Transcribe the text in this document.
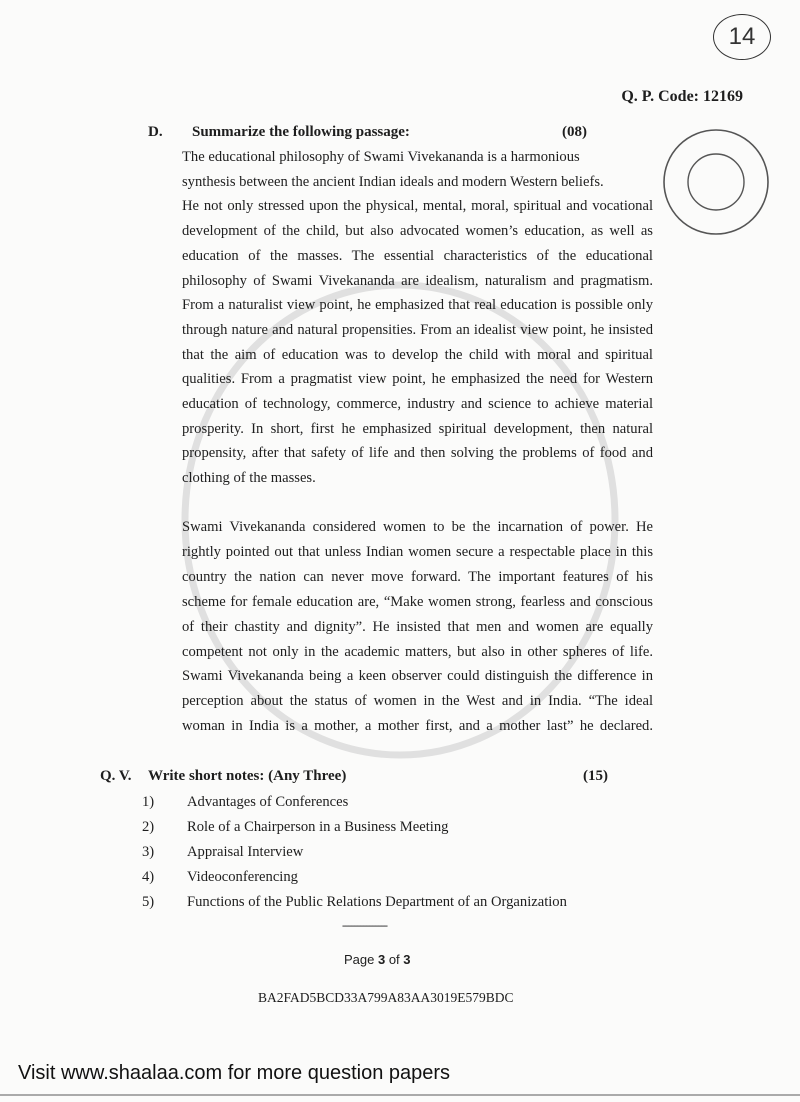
14
Q. P. Code: 12169
D. Summarize the following passage:	(08)
The educational philosophy of Swami Vivekananda is a harmonious
synthesis between the ancient Indian ideals and modern Western beliefs.
He not only stressed upon the physical, mental, moral, spiritual and vocational
development of the child, but also advocated women’s education, as well as
education of the masses. The essential characteristics of the educational
philosophy of Swami Vivekananda are idealism, naturalism and pragmatism.
From a naturalist view point, he emphasized that real education is possible only
through nature and natural propensities. From an idealist view point, he insisted
that the aim of education was to develop the child with moral and spiritual
qualities. From a pragmatist view point, he emphasized the need for Western
education of technology, commerce, industry and science to achieve material
prosperity. In short, first he emphasized spiritual development, then natural
propensity, after that safety of life and then solving the problems of food and
clothing of the masses.
Swami Vivekananda considered women to be the incarnation of power. He
rightly pointed out that unless Indian women secure a respectable place in this
country the nation can never move forward. The important features of his
scheme for female education are, “Make women strong, fearless and conscious
of their chastity and dignity”. He insisted that men and women are equally
competent not only in the academic matters, but also in other spheres of life.
Swami Vivekananda being a keen observer could distinguish the difference in
perception about the status of women in the West and in India. “The ideal
woman in India is a mother, a mother first, and a mother last” he declared.
Q. V. Write short notes: (Any Three)	(15)
1) Advantages of Conferences
2) Role of a Chairperson in a Business Meeting
3) Appraisal Interview
4) Videoconferencing
5) Functions of the Public Relations Department of an Organization
---------------
Page 3 of 3
BA2FAD5BCD33A799A83AA3019E579BDC
Visit www.shaalaa.com for more question papers
